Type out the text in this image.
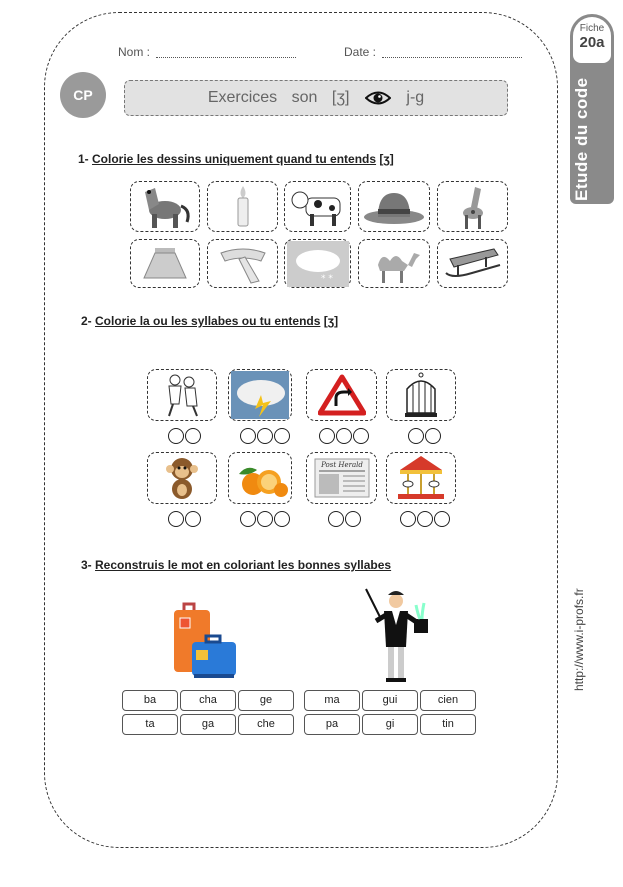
Fiche
20a
Etude du code
http://www.i-profs.fr
Nom :	Date :
CP	Exercices son [ʒ]	j-g
1- Colorie les dessins uniquement quand tu entends [ʒ]
* *
2- Colorie la ou les syllabes ou tu entends [ʒ]
Post Herald
3- Reconstruis le mot en coloriant les bonnes syllabes
ba	cha	ge
ta	ga	che
ma	gui	cien
pa	gi	tin
